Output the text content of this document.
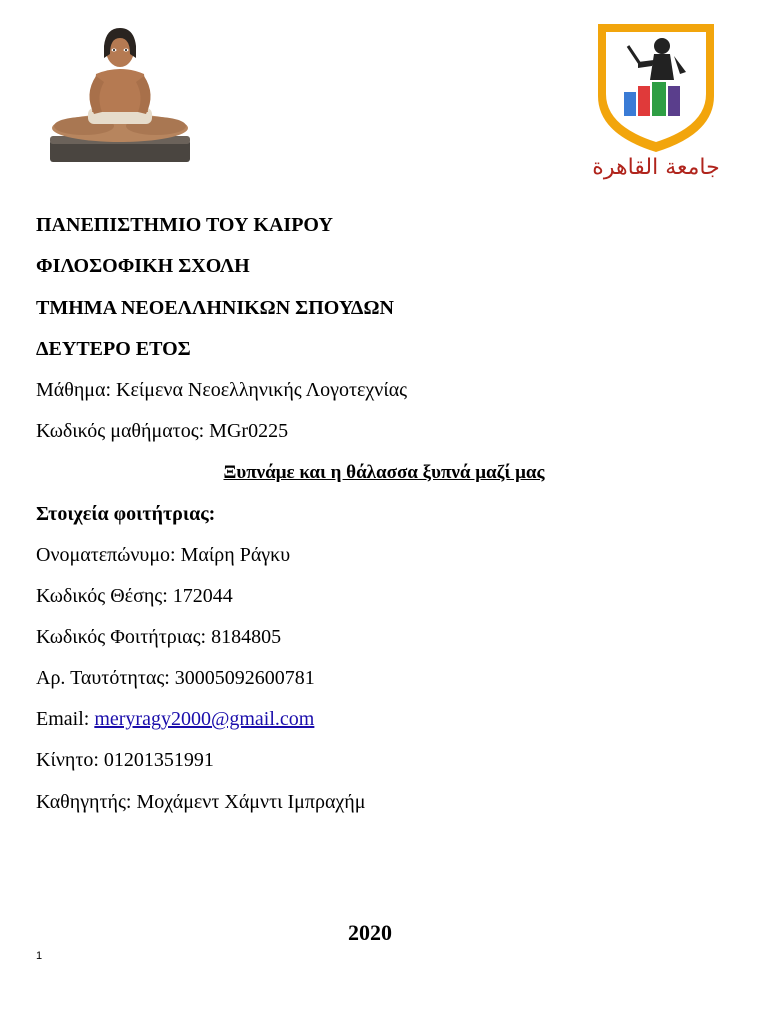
جامعة القاهرة
ΠΑΝΕΠΙΣΤΗΜΙΟ ΤΟΥ ΚΑΙΡΟΥ
ΦΙΛΟΣΟΦΙΚΗ ΣΧΟΛΗ
ΤΜΗΜΑ ΝΕΟΕΛΛΗΝΙΚΩΝ ΣΠΟΥΔΩΝ
ΔΕΥΤΕΡΟ ΕΤΟΣ
Μάθημα: Κείμενα Νεοελληνικής Λογοτεχνίας
Κωδικός μαθήματος: MGr0225
Ξυπνάμε και η θάλασσα ξυπνά μαζί μας
Στοιχεία φοιτήτριας:
Ονοματεπώνυμο: Μαίρη Ράγκυ
Κωδικός Θέσης: 172044
Κωδικός Φοιτήτριας: 8184805
Αρ. Ταυτότητας: 30005092600781
Email: meryragy2000@gmail.com
Κίνητο: 01201351991
Καθηγητής: Μοχάμεντ Χάμντι Ιμπραχήμ
2020
1
